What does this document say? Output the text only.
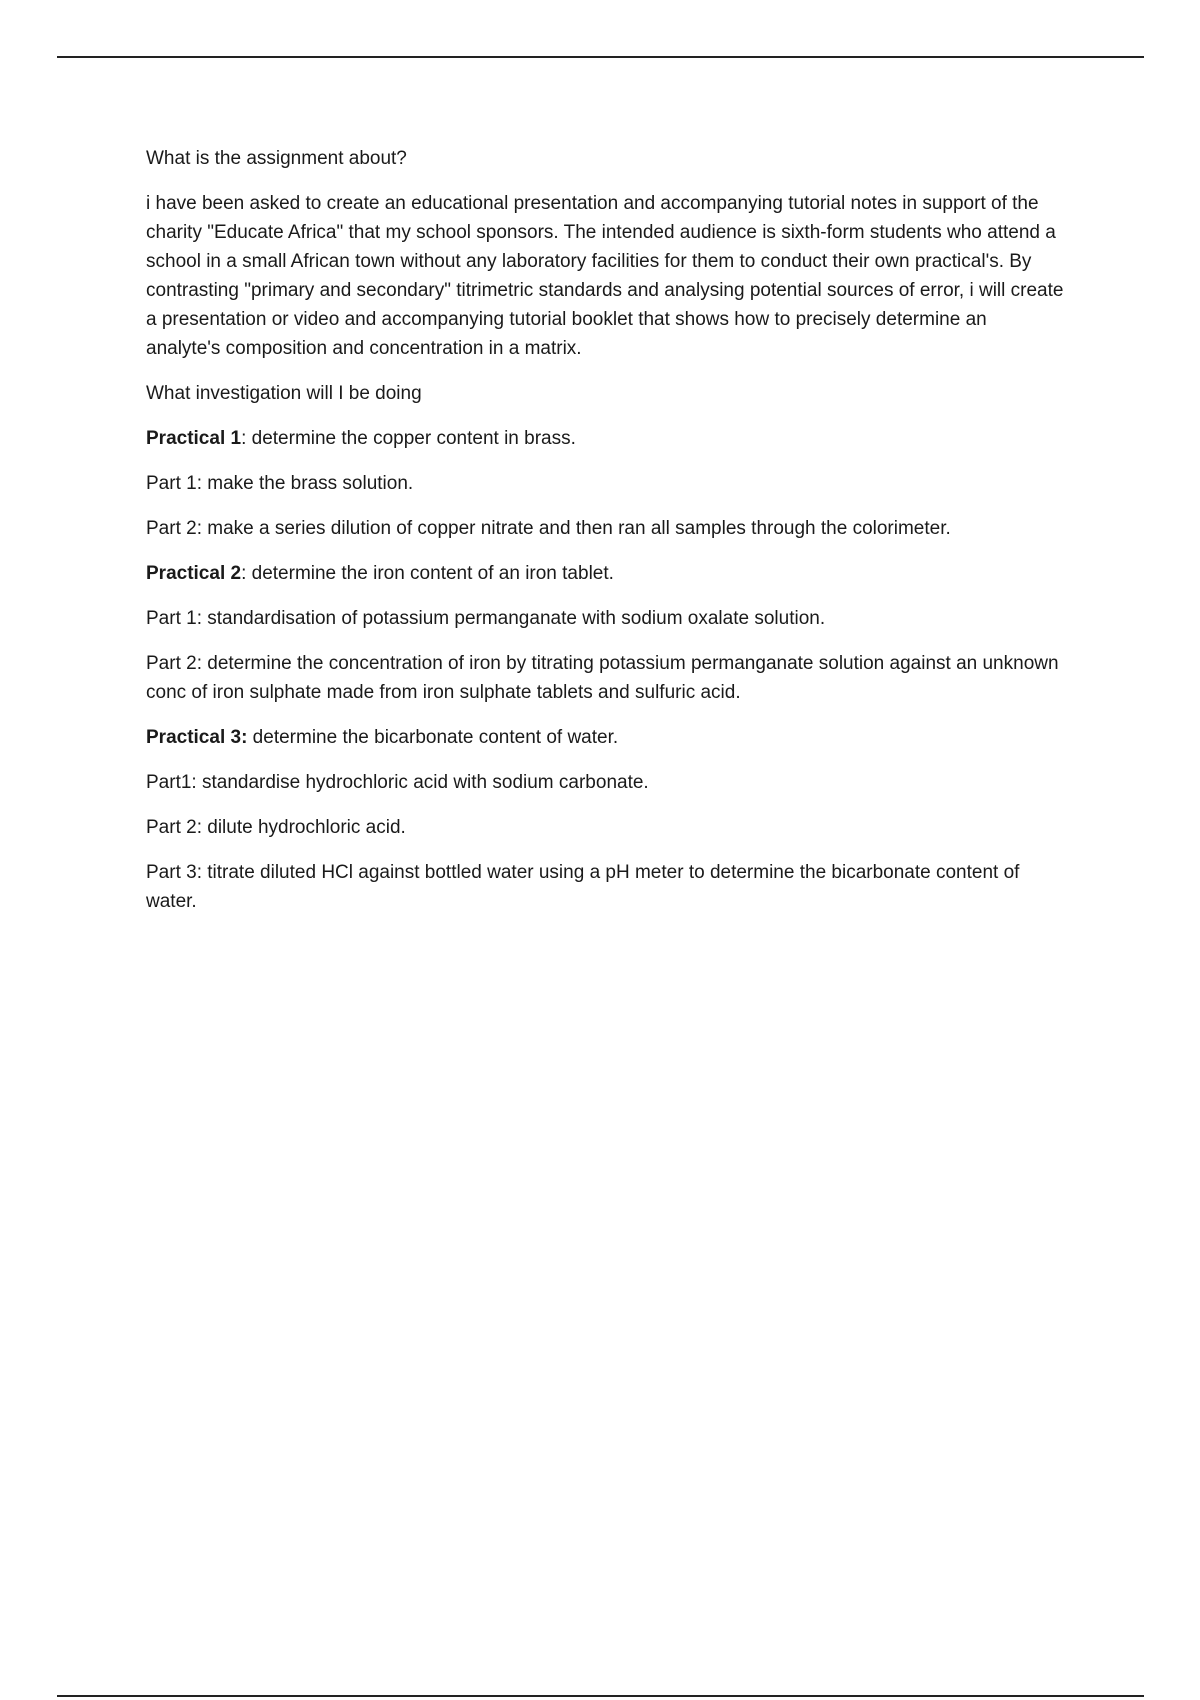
What is the assignment about?

i have been asked to create an educational presentation and accompanying tutorial notes in support of the charity "Educate Africa" that my school sponsors. The intended audience is sixth-form students who attend a school in a small African town without any laboratory facilities for them to conduct their own practical's. By contrasting "primary and secondary" titrimetric standards and analysing potential sources of error, i will create a presentation or video and accompanying tutorial booklet that shows how to precisely determine an analyte's composition and concentration in a matrix.

What investigation will I be doing

Practical 1: determine the copper content in brass.

Part 1: make the brass solution.

Part 2: make a series dilution of copper nitrate and then ran all samples through the colorimeter.

Practical 2: determine the iron content of an iron tablet.

Part 1: standardisation of potassium permanganate with sodium oxalate solution.

Part 2: determine the concentration of iron by titrating potassium permanganate solution against an unknown conc of iron sulphate made from iron sulphate tablets and sulfuric acid.

Practical 3: determine the bicarbonate content of water.

Part1: standardise hydrochloric acid with sodium carbonate.

Part 2: dilute hydrochloric acid.

Part 3: titrate diluted HCl against bottled water using a pH meter to determine the bicarbonate content of water.
